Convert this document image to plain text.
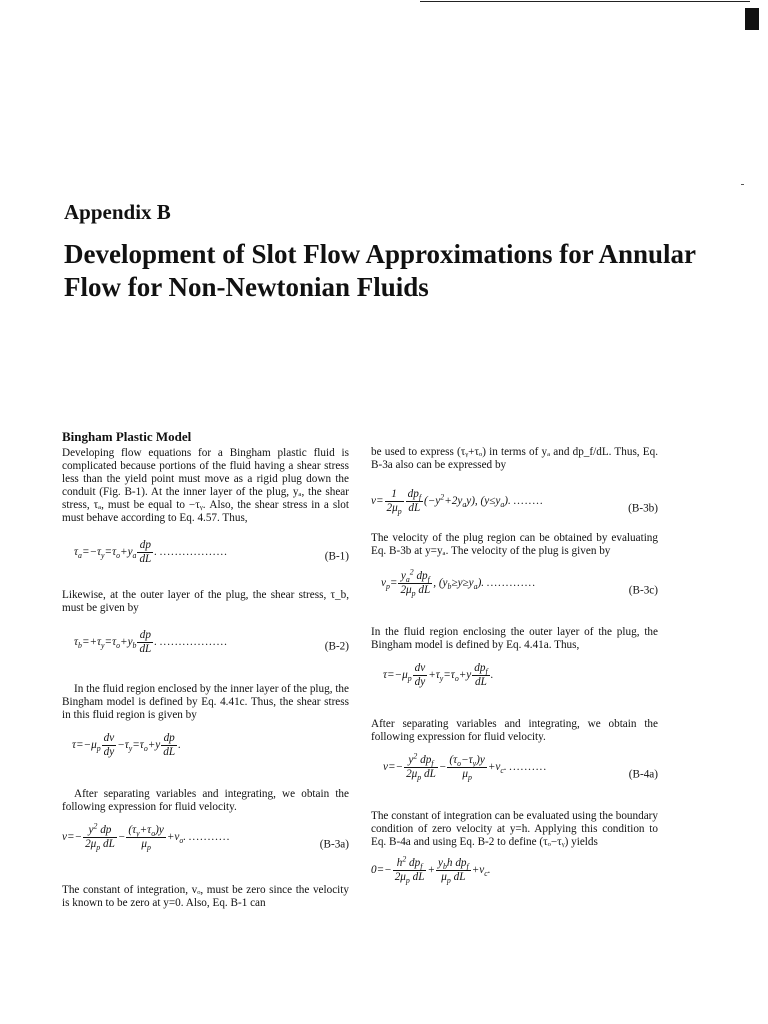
Appendix B
Development of Slot Flow Approximations for Annular Flow for Non-Newtonian Fluids

Bingham Plastic Model

Developing flow equations for a Bingham plastic fluid is complicated because portions of the fluid having a shear stress less than the yield point must move as a rigid plug down the conduit (Fig. B-1). At the inner layer of the plug, yₐ, the shear stress, τₐ, must be equal to −τᵧ. Also, the shear stress in a slot must behave according to Eq. 4.57. Thus,

$\tau_a=-\tau_y=\tau_o+y_a \frac{dp}{dL}$ . ..................	(B-1)

Likewise, at the outer layer of the plug, the shear stress, τ_b, must be given by

$\tau_b=+\tau_y=\tau_o+y_b \frac{dp}{dL}$ . ..................	(B-2)

In the fluid region enclosed by the inner layer of the plug, the Bingham model is defined by Eq. 4.41c. Thus, the shear stress in this fluid region is given by

$\tau=-\mu_p \frac{dv}{dy} -\tau_y=\tau_o+y \frac{dp}{dL}$ .

After separating variables and integrating, we obtain the following expression for fluid velocity.

$v=- \frac{y^2 dp}{2\mu_p dL} - \frac{(\tau_y+\tau_o)y}{\mu_p} +v_o$. ...........
(B-3a)

The constant of integration, vₒ, must be zero since the velocity is known to be zero at y=0. Also, Eq. B-1 can

be used to express (τᵧ+τₒ) in terms of yₐ and dp_f/dL. Thus, Eq. B-3a also can be expressed by

$v= \frac{1}{2\mu_p} \frac{dp_f}{dL} (-y^2+2y_ay)$, $(y\le y_a)$. ........
(B-3b)

The velocity of the plug region can be obtained by evaluating Eq. B-3b at y=yₐ. The velocity of the plug is given by

$v_p= \frac{y_a^2 dp_f}{2\mu_p dL}$ , $(y_b\ge y\ge y_a)$. .............
(B-3c)

In the fluid region enclosing the outer layer of the plug, the Bingham model is defined by Eq. 4.41a. Thus,

$\tau=-\mu_p \frac{dv}{dy} +\tau_y=\tau_o+y \frac{dp_f}{dL}$ .

After separating variables and integrating, we obtain the following expression for fluid velocity.

$v=- \frac{y^2 dp_f}{2\mu_p dL} - \frac{(\tau_o-\tau_y)y}{\mu_p} +v_c$. ..........
(B-4a)

The constant of integration can be evaluated using the boundary condition of zero velocity at y=h. Applying this condition to Eq. B-4a and using Eq. B-2 to define (τₒ−τᵧ) yields

$0=- \frac{h^2 dp_f}{2\mu_p dL} + \frac{y_bh dp_f}{\mu_p dL} +v_c$.
